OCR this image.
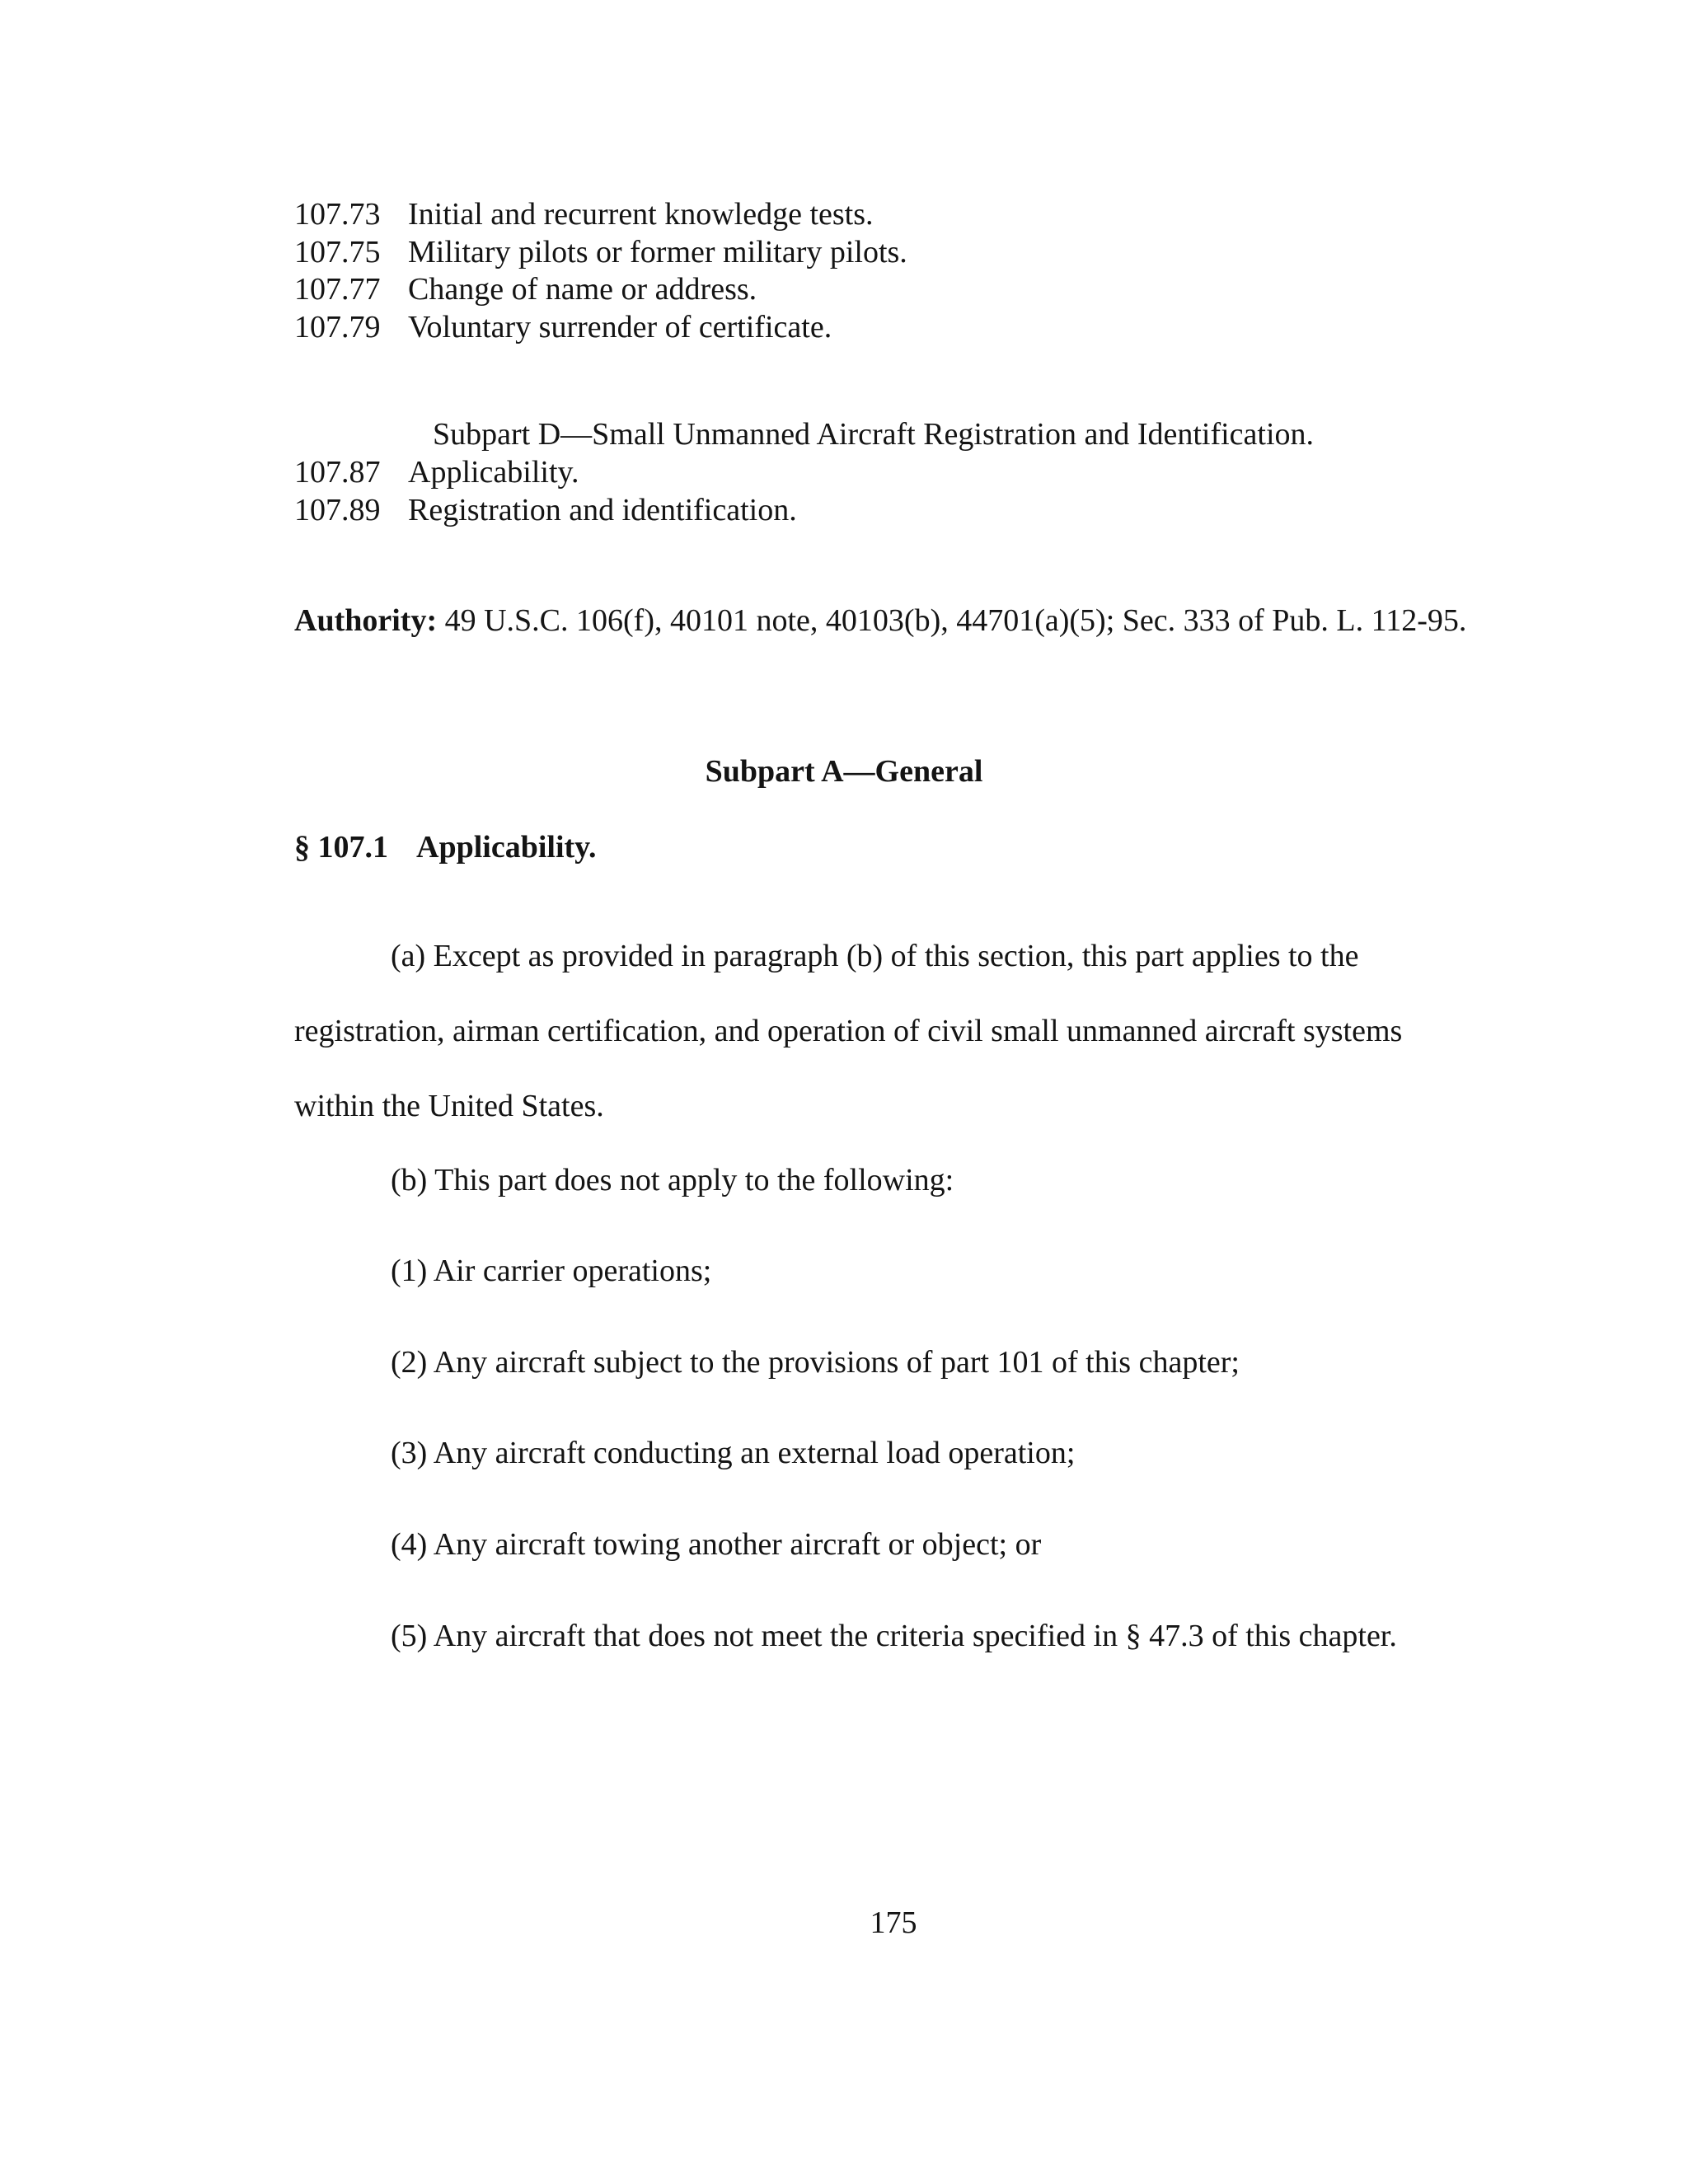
107.73 Initial and recurrent knowledge tests.
107.75 Military pilots or former military pilots.
107.77 Change of name or address.
107.79 Voluntary surrender of certificate.
Subpart D—Small Unmanned Aircraft Registration and Identification.
107.87 Applicability.
107.89 Registration and identification.
Authority: 49 U.S.C. 106(f), 40101 note, 40103(b), 44701(a)(5); Sec. 333 of Pub. L. 112-95.
Subpart A—General
§ 107.1 Applicability.
(a) Except as provided in paragraph (b) of this section, this part applies to the registration, airman certification, and operation of civil small unmanned aircraft systems within the United States.
(b) This part does not apply to the following:
(1) Air carrier operations;
(2) Any aircraft subject to the provisions of part 101 of this chapter;
(3) Any aircraft conducting an external load operation;
(4) Any aircraft towing another aircraft or object; or
(5) Any aircraft that does not meet the criteria specified in § 47.3 of this chapter.
175
